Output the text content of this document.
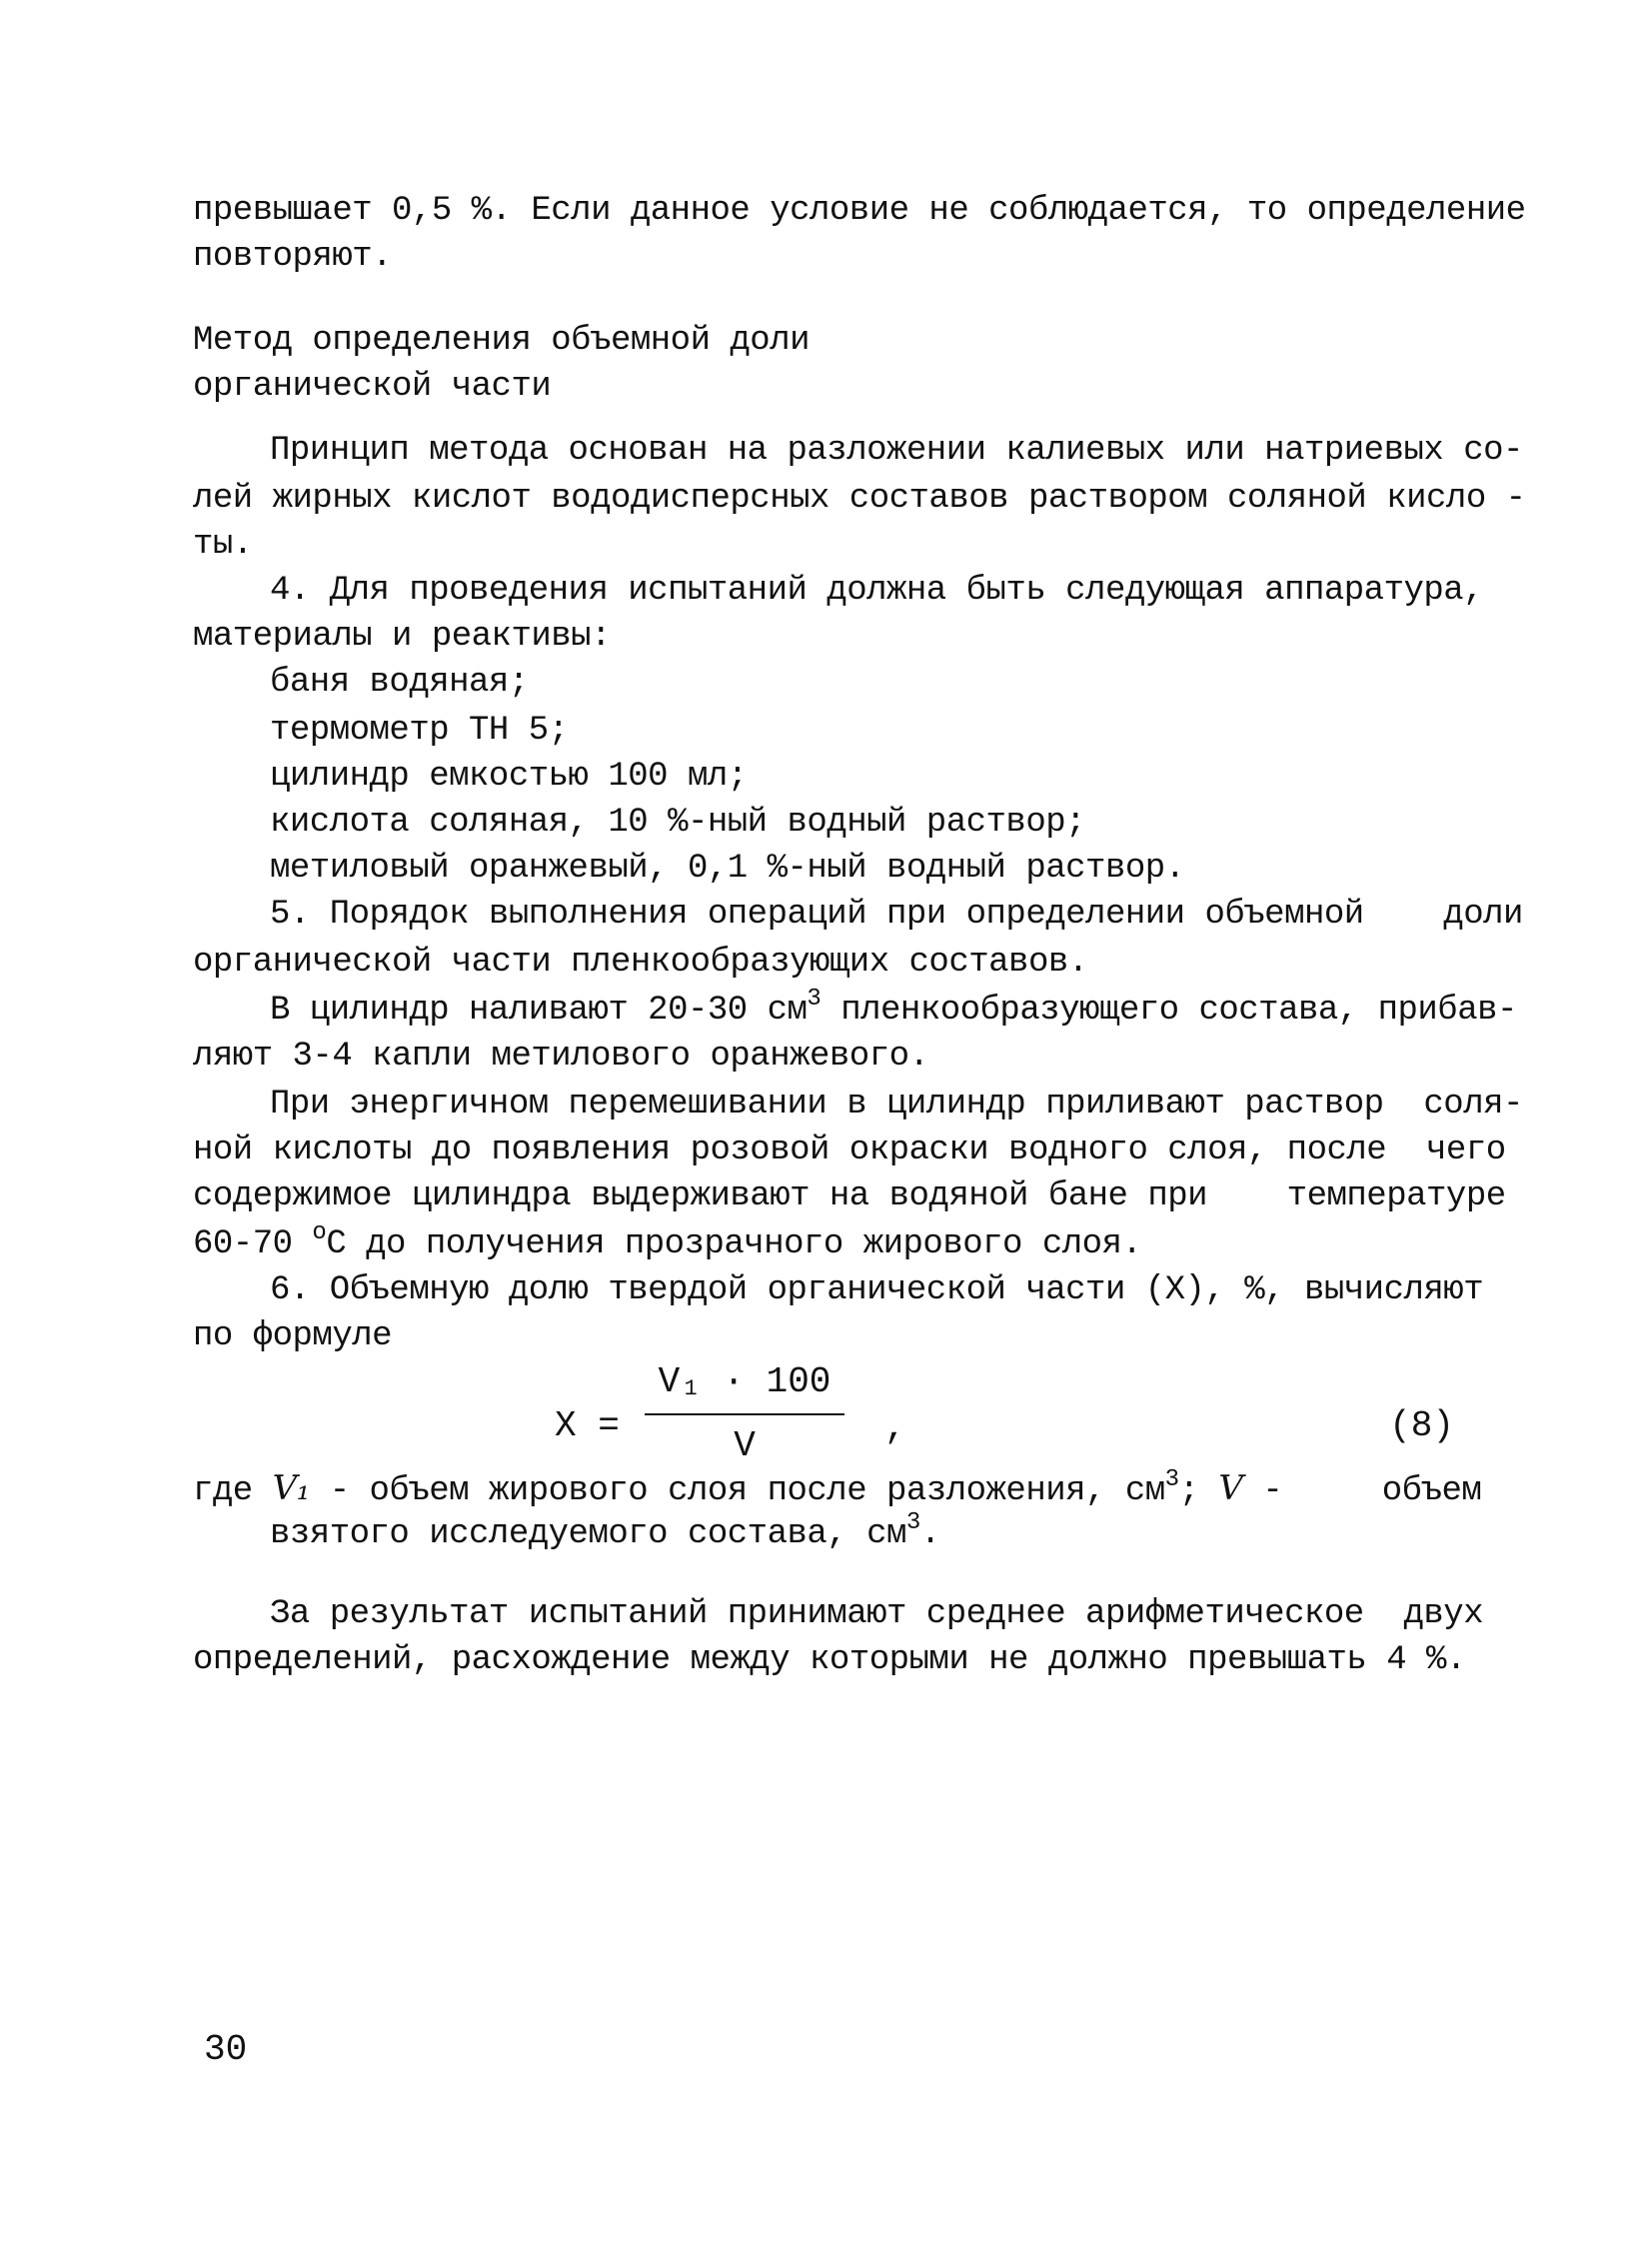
превышает 0,5 %. Если данное условие не соблюдается, то определение

повторяют.

Метод определения объемной доли

органической части

Принцип метода основан на разложении калиевых или натриевых со-

лей жирных кислот вододисперсных составов раствором соляной кисло -

ты.

4. Для проведения испытаний должна быть следующая аппаратура,

материалы и реактивы:

баня водяная;

термометр ТН 5;

цилиндр емкостью 100 мл;

кислота соляная, 10 %-ный водный раствор;

метиловый оранжевый, 0,1 %-ный водный раствор.

5. Порядок выполнения операций при определении объемной    доли

органической части пленкообразующих составов.

В цилиндр наливают 20-30 $см^3$ пленкообразующего состава, прибав-

ляют 3-4 капли метилового оранжевого.

При энергичном перемешивании в цилиндр приливают раствор  соля-

ной кислоты до появления розовой окраски водного слоя, после  чего

содержимое цилиндра выдерживают на водяной бане при    температуре

60-70 $^о$С до получения прозрачного жирового слоя.

6. Объемную долю твердой органической части (X), %, вычисляют

по формуле

X =
V₁ · 100
V	,	(8)

где V₁ - объем жирового слоя после разложения, $см^3$; V -     объем

взятого исследуемого состава, $см^3$.

За результат испытаний принимают среднее арифметическое  двух

определений, расхождение между которыми не должно превышать 4 %.

30
